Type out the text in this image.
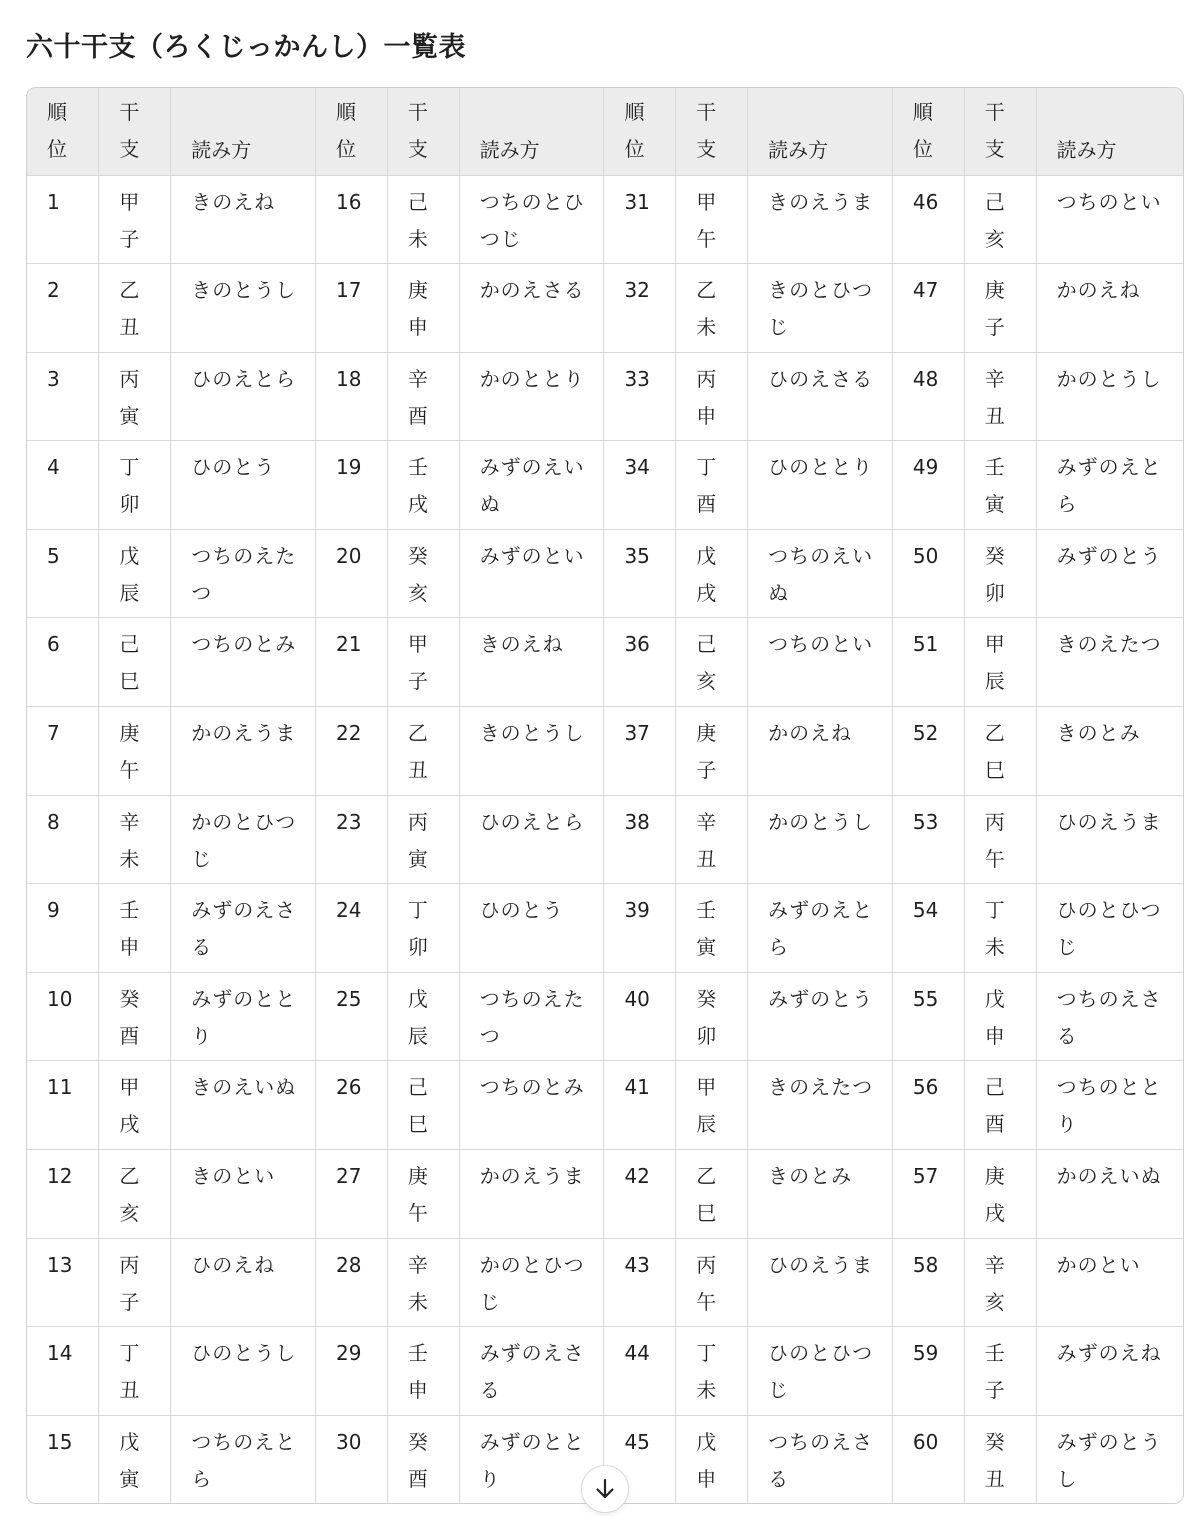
六十干支（ろくじっかんし）一覧表
順位	干支	読み方	順位	干支	読み方	順位	干支	読み方	順位	干支	読み方
1	甲子	きのえね	16	己未	つちのとひつじ	31	甲午	きのえうま	46	己亥	つちのとい

2	乙丑	きのとうし	17	庚申	かのえさる	32	乙未	きのとひつじ	47	庚子	かのえね

3	丙寅	ひのえとら	18	辛酉	かのととり	33	丙申	ひのえさる	48	辛丑	かのとうし

4	丁卯	ひのとう	19	壬戌	みずのえいぬ	34	丁酉	ひのととり	49	壬寅	みずのえとら

5	戊辰	つちのえたつ	20	癸亥	みずのとい	35	戊戌	つちのえいぬ	50	癸卯	みずのとう

6	己巳	つちのとみ	21	甲子	きのえね	36	己亥	つちのとい	51	甲辰	きのえたつ

7	庚午	かのえうま	22	乙丑	きのとうし	37	庚子	かのえね	52	乙巳	きのとみ

8	辛未	かのとひつじ	23	丙寅	ひのえとら	38	辛丑	かのとうし	53	丙午	ひのえうま

9	壬申	みずのえさる	24	丁卯	ひのとう	39	壬寅	みずのえとら	54	丁未	ひのとひつじ

10	癸酉	みずのととり	25	戊辰	つちのえたつ	40	癸卯	みずのとう	55	戊申	つちのえさる

11	甲戌	きのえいぬ	26	己巳	つちのとみ	41	甲辰	きのえたつ	56	己酉	つちのととり

12	乙亥	きのとい	27	庚午	かのえうま	42	乙巳	きのとみ	57	庚戌	かのえいぬ

13	丙子	ひのえね	28	辛未	かのとひつじ	43	丙午	ひのえうま	58	辛亥	かのとい

14	丁丑	ひのとうし	29	壬申	みずのえさる	44	丁未	ひのとひつじ	59	壬子	みずのえね

15	戊寅	つちのえとら	30	癸酉	みずのととり	45	戊申	つちのえさる	60	癸丑	みずのとうし
